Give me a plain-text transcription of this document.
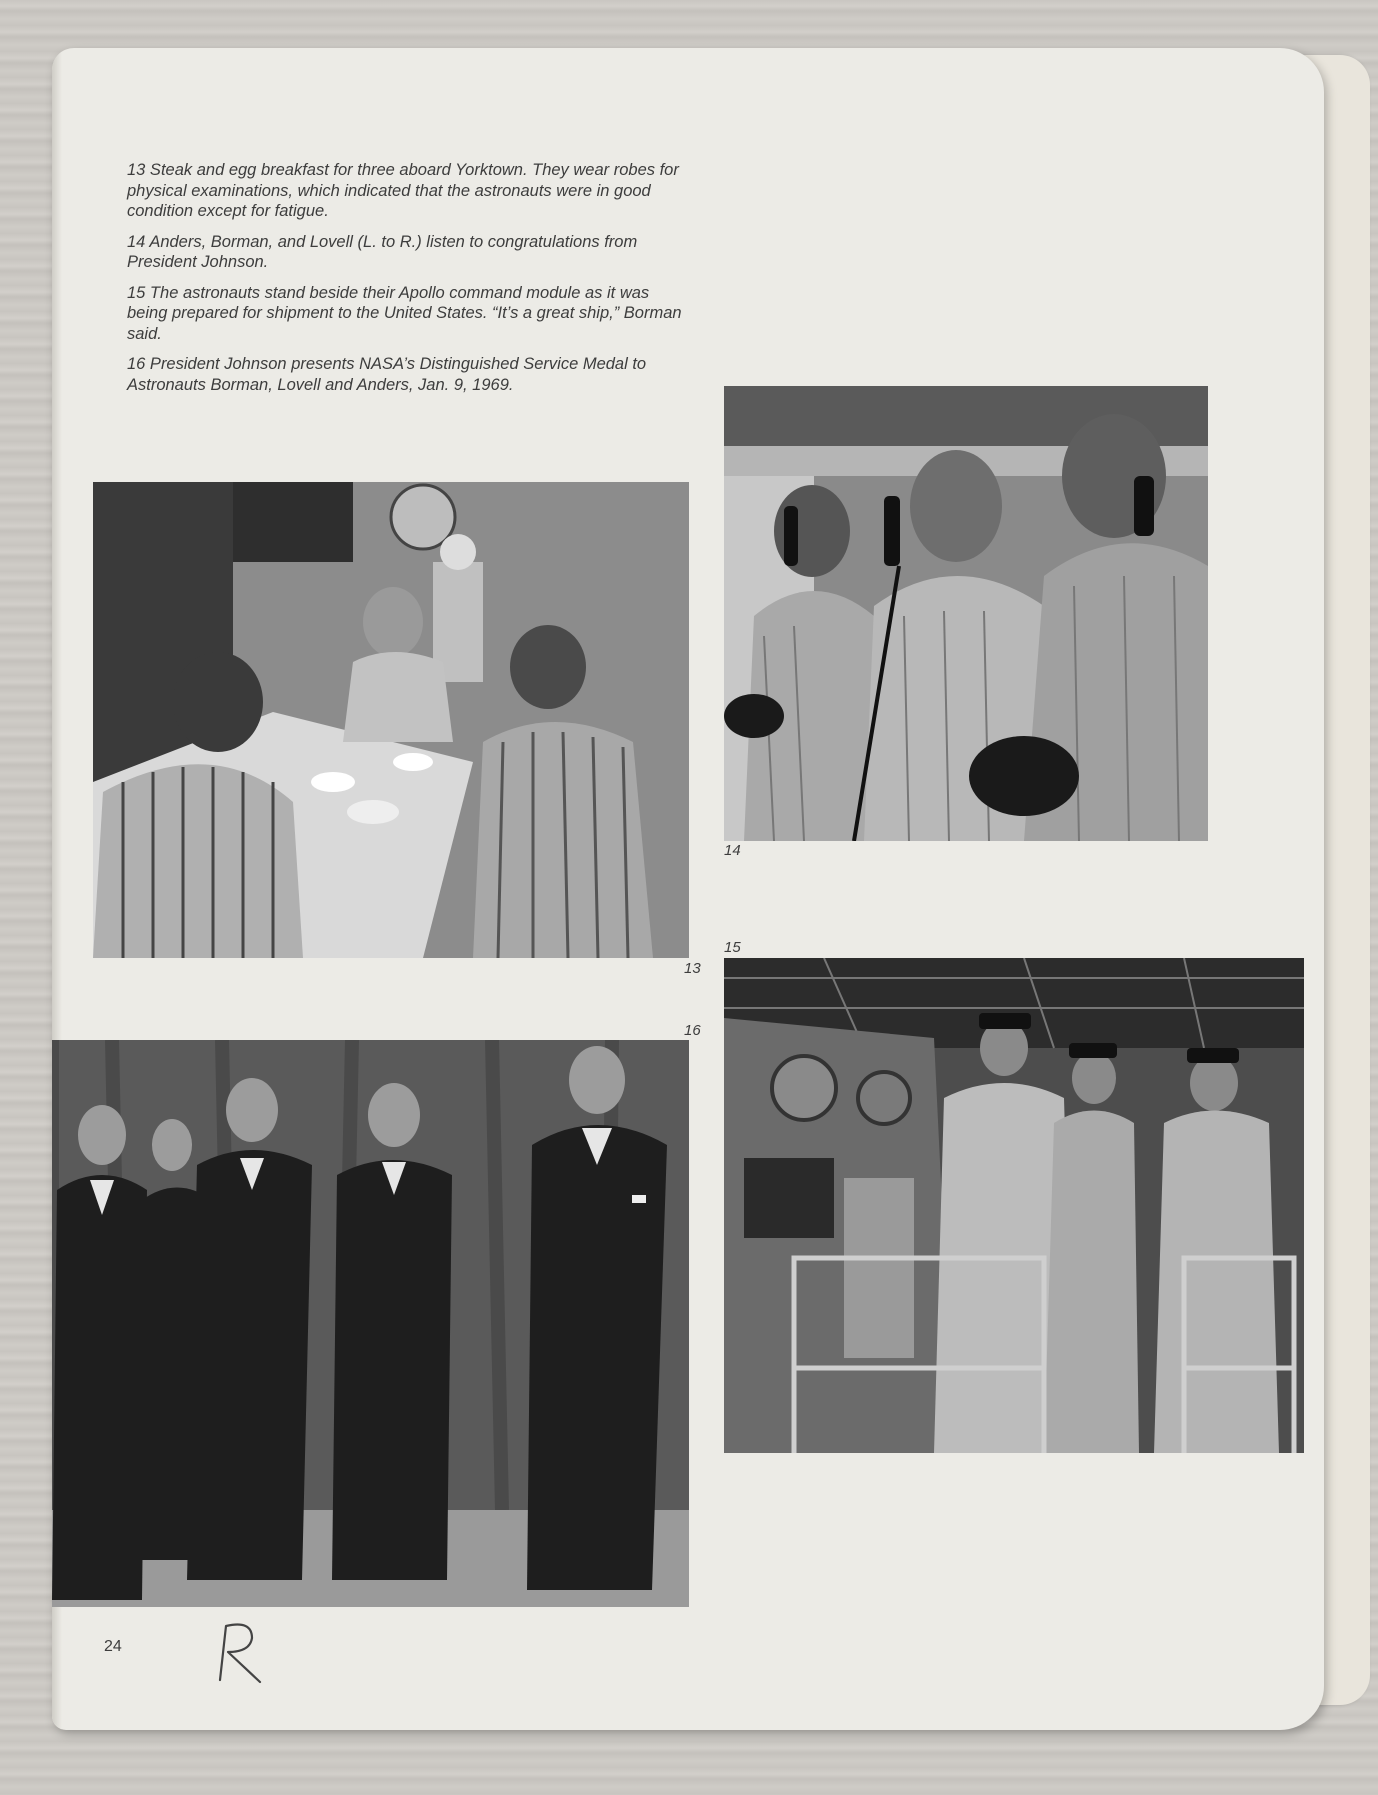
13 Steak and egg breakfast for three aboard Yorktown. They wear robes for physical examinations, which indicated that the astronauts were in good condition except for fatigue.

14 Anders, Borman, and Lovell (L. to R.) listen to congratulations from President Johnson.

15 The astronauts stand beside their Apollo command module as it was being prepared for shipment to the United States. “It’s a great ship,” Borman said.

16 President Johnson presents NASA’s Distinguished Service Medal to Astronauts Borman, Lovell and Anders, Jan. 9, 1969.

14
13
15
16
24
